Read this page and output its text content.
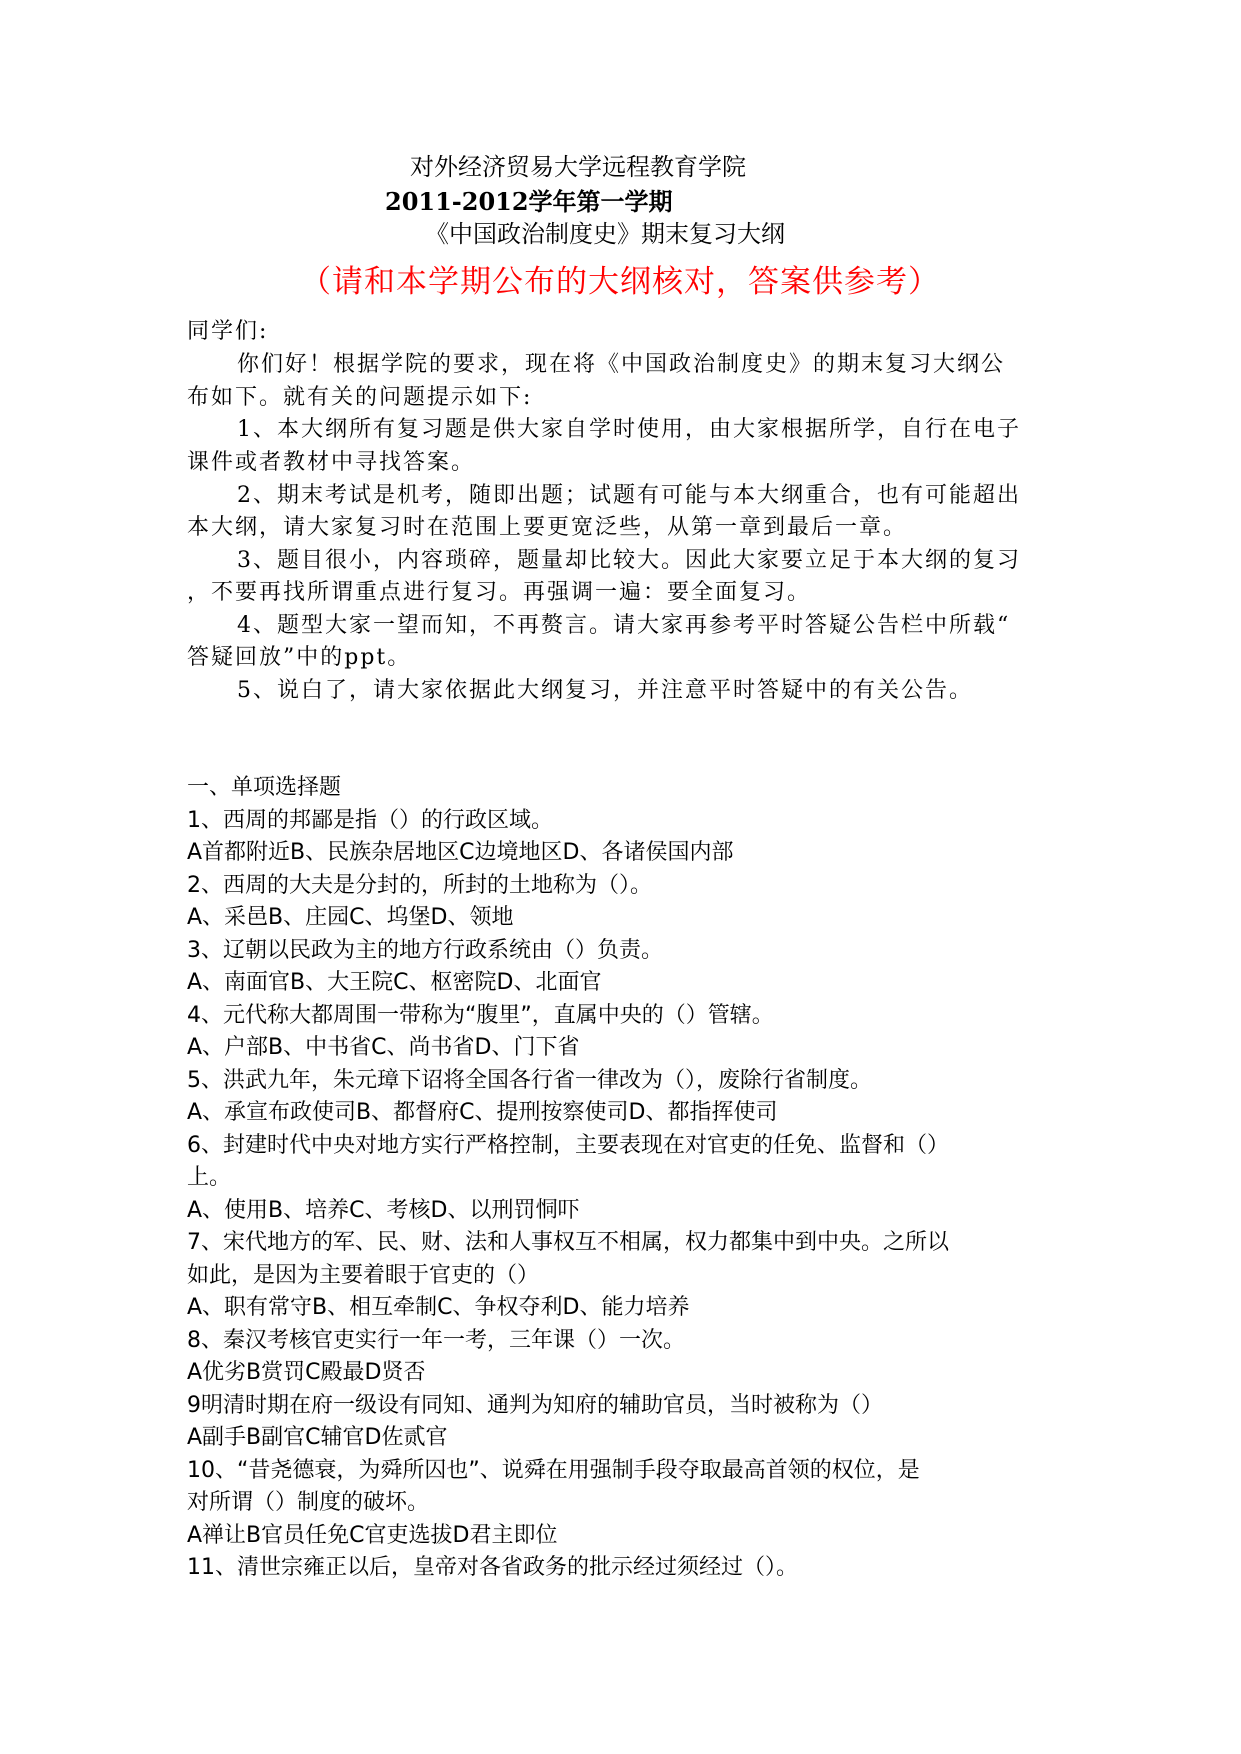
对外经济贸易大学远程教育学院
2011-2012学年第一学期
《中国政治制度史》期末复习大纲
（请和本学期公布的大纲核对，答案供参考）
同学们:
你们好！根据学院的要求，现在将《中国政治制度史》的期末复习大纲公
布如下。就有关的问题提示如下:
1、本大纲所有复习题是供大家自学时使用，由大家根据所学，自行在电子
课件或者教材中寻找答案。
2、期末考试是机考，随即出题；试题有可能与本大纲重合，也有可能超出
本大纲，请大家复习时在范围上要更宽泛些，从第一章到最后一章。
3、题目很小，内容琐碎，题量却比较大。因此大家要立足于本大纲的复习
，不要再找所谓重点进行复习。再强调一遍：要全面复习。
4、题型大家一望而知，不再赘言。请大家再参考平时答疑公告栏中所载“
答疑回放”中的ppt。
5、说白了，请大家依据此大纲复习，并注意平时答疑中的有关公告。
一、单项选择题
1、西周的邦鄙是指（）的行政区域。
A首都附近B、民族杂居地区C边境地区D、各诸侯国内部
2、西周的大夫是分封的，所封的土地称为（）。
A、采邑B、庄园C、坞堡D、领地
3、辽朝以民政为主的地方行政系统由（）负责。
A、南面官B、大王院C、枢密院D、北面官
4、元代称大都周围一带称为“腹里”，直属中央的（）管辖。
A、户部B、中书省C、尚书省D、门下省
5、洪武九年，朱元璋下诏将全国各行省一律改为（），废除行省制度。
A、承宣布政使司B、都督府C、提刑按察使司D、都指挥使司
6、封建时代中央对地方实行严格控制，主要表现在对官吏的任免、监督和（）
上。
A、使用B、培养C、考核D、以刑罚恫吓
7、宋代地方的军、民、财、法和人事权互不相属，权力都集中到中央。之所以
如此，是因为主要着眼于官吏的（）
A、职有常守B、相互牵制C、争权夺利D、能力培养
8、秦汉考核官吏实行一年一考，三年课（）一次。
A优劣B赏罚C殿最D贤否
9明清时期在府一级设有同知、通判为知府的辅助官员，当时被称为（）
A副手B副官C辅官D佐贰官
10、“昔尧德衰，为舜所囚也”、说舜在用强制手段夺取最高首领的权位，是
对所谓（）制度的破坏。
A禅让B官员任免C官吏选拔D君主即位
11、清世宗雍正以后，皇帝对各省政务的批示经过须经过（）。
